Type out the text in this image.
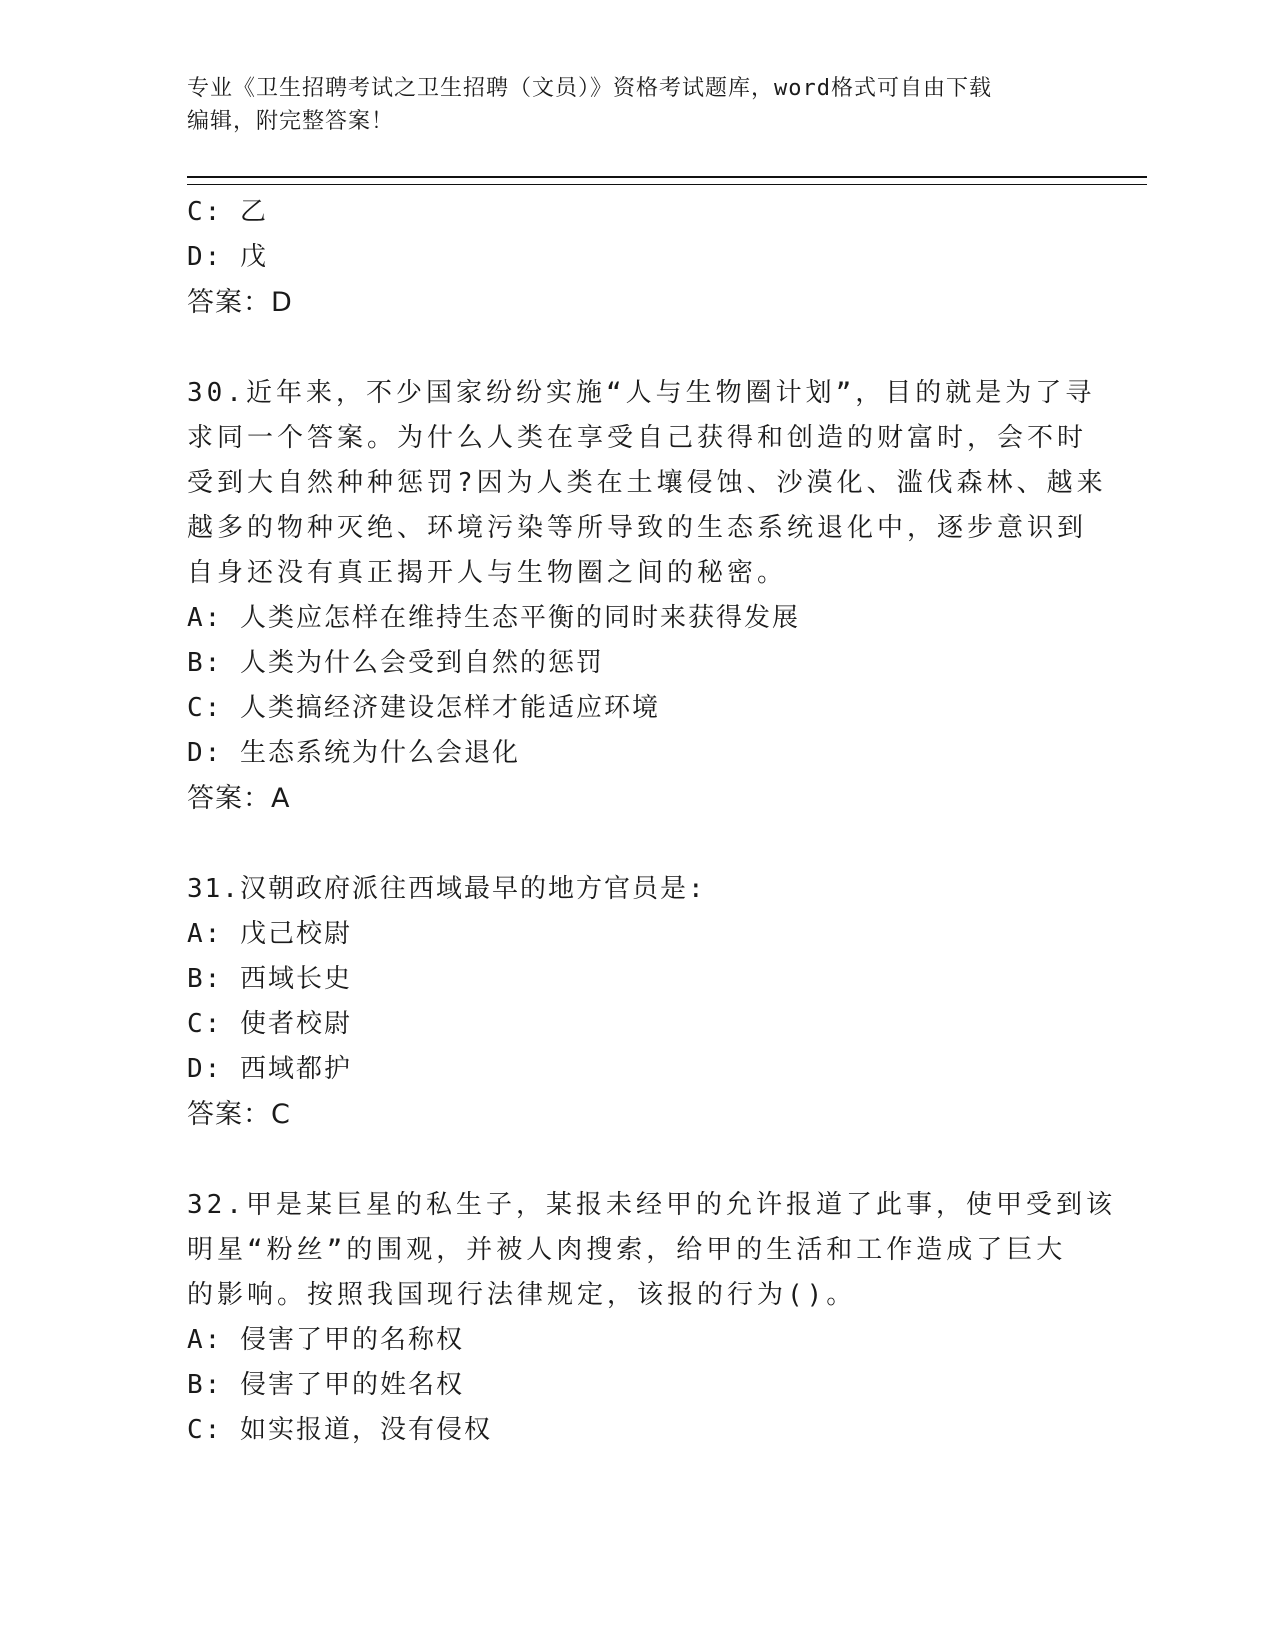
专业《卫生招聘考试之卫生招聘（文员）》资格考试题库，word格式可自由下载
编辑，附完整答案！
C: 乙
D: 戊
答案：D
30.近年来，不少国家纷纷实施“人与生物圈计划”，目的就是为了寻
求同一个答案。为什么人类在享受自己获得和创造的财富时，会不时
受到大自然种种惩罚?因为人类在土壤侵蚀、沙漠化、滥伐森林、越来
越多的物种灭绝、环境污染等所导致的生态系统退化中，逐步意识到
自身还没有真正揭开人与生物圈之间的秘密。
A: 人类应怎样在维持生态平衡的同时来获得发展
B: 人类为什么会受到自然的惩罚
C: 人类搞经济建设怎样才能适应环境
D: 生态系统为什么会退化
答案：A
31.汉朝政府派往西域最早的地方官员是:
A: 戊己校尉
B: 西域长史
C: 使者校尉
D: 西域都护
答案：C
32.甲是某巨星的私生子，某报未经甲的允许报道了此事，使甲受到该
明星“粉丝”的围观，并被人肉搜索，给甲的生活和工作造成了巨大
的影响。按照我国现行法律规定，该报的行为()。
A: 侵害了甲的名称权
B: 侵害了甲的姓名权
C: 如实报道，没有侵权
